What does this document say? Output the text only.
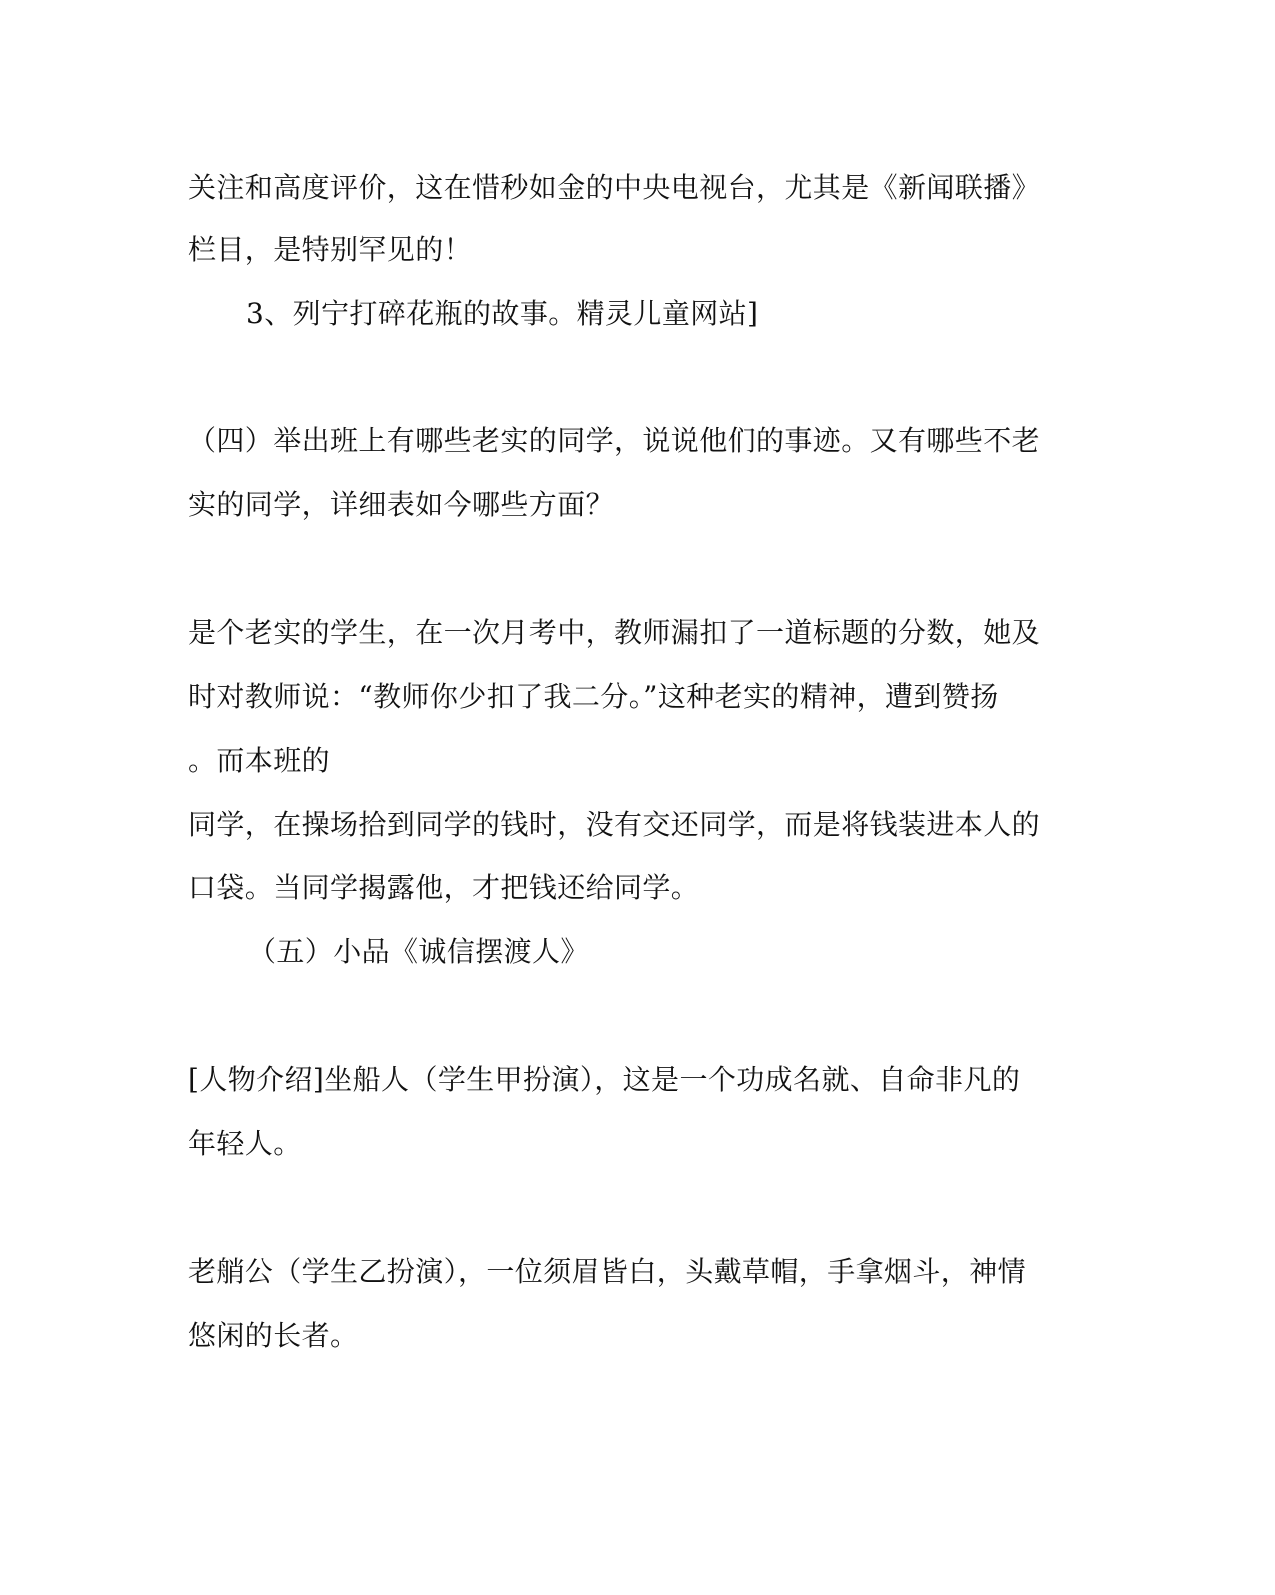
关注和高度评价，这在惜秒如金的中央电视台，尤其是《新闻联播》
栏目，是特别罕见的！
3、列宁打碎花瓶的故事。精灵儿童网站]
（四）举出班上有哪些老实的同学，说说他们的事迹。又有哪些不老
实的同学，详细表如今哪些方面？
是个老实的学生，在一次月考中，教师漏扣了一道标题的分数，她及
时对教师说：“教师你少扣了我二分。”这种老实的精神，遭到赞扬
。而本班的
同学，在操场拾到同学的钱时，没有交还同学，而是将钱装进本人的
口袋。当同学揭露他，才把钱还给同学。
（五）小品《诚信摆渡人》
[人物介绍]坐船人（学生甲扮演），这是一个功成名就、自命非凡的
年轻人。
老艄公（学生乙扮演），一位须眉皆白，头戴草帽，手拿烟斗，神情
悠闲的长者。
